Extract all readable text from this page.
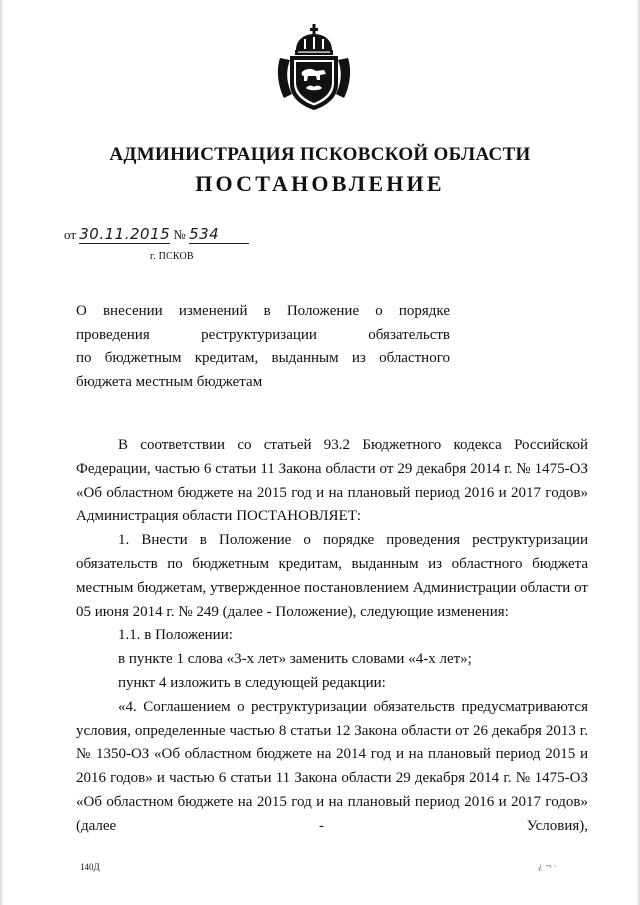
АДМИНИСТРАЦИЯ ПСКОВСКОЙ ОБЛАСТИ
ПОСТАНОВЛЕНИЕ
от 30.11.2015 № 534
г. ПСКОВ
О внесении изменений в Положение о порядке
проведения реструктуризации обязательств
по бюджетным кредитам, выданным из областного
бюджета местным бюджетам

В соответствии со статьей 93.2 Бюджетного кодекса Российской Федерации, частью 6 статьи 11 Закона области от 29 декабря 2014 г. № 1475-ОЗ «Об областном бюджете на 2015 год и на плановый период 2016 и 2017 годов» Администрация области ПОСТАНОВЛЯЕТ:

1. Внести в Положение о порядке проведения реструктуризации обязательств по бюджетным кредитам, выданным из областного бюджета местным бюджетам, утвержденное постановлением Администрации области от 05 июня 2014 г. № 249 (далее - Положение), следующие изменения:

1.1. в Положении:

в пункте 1 слова «3-х лет» заменить словами «4-х лет»;

пункт 4 изложить в следующей редакции:

«4. Соглашением о реструктуризации обязательств предусматриваются условия, определенные частью 8 статьи 12 Закона области от 26 декабря 2013 г. № 1350-ОЗ «Об областном бюджете на 2014 год и на плановый период 2015 и 2016 годов» и частью 6 статьи 11 Закона области 29 декабря 2014 г. № 1475-ОЗ «Об областном бюджете на 2015 год и на плановый период 2016 и 2017 годов» (далее - Условия),

140Д	¿ ¬ ·
